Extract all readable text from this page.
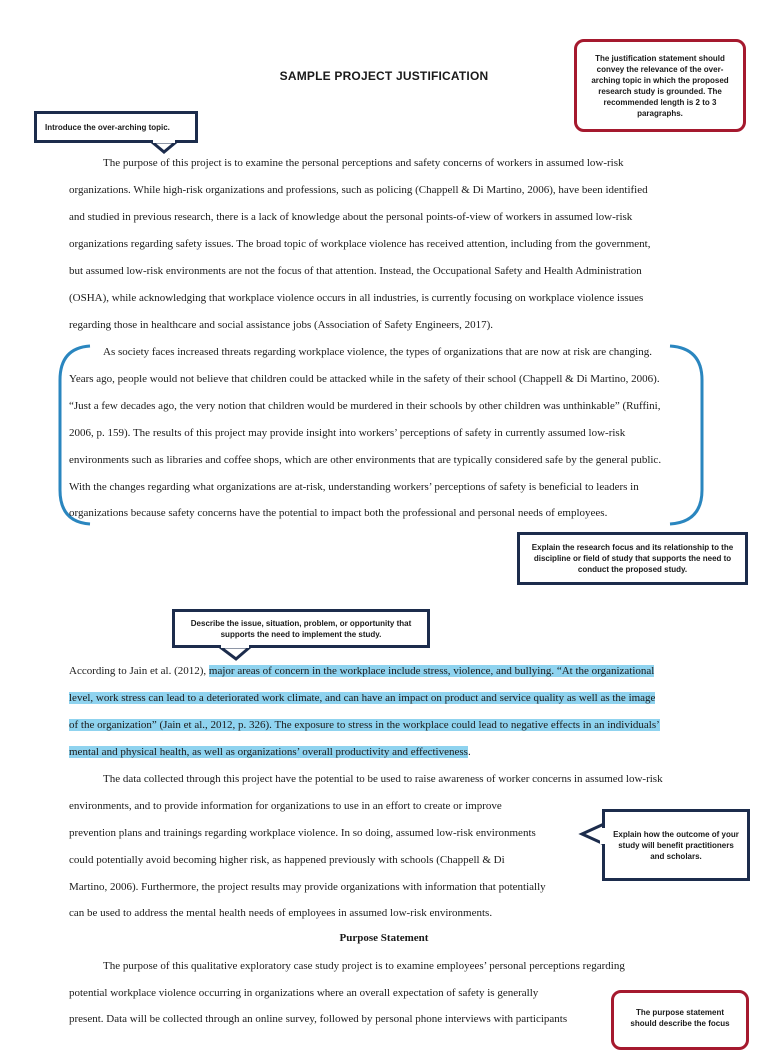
SAMPLE PROJECT JUSTIFICATION
The justification statement should convey the relevance of the over-arching topic in which the proposed research study is grounded. The recommended length is 2 to 3 paragraphs.
Introduce the over-arching topic.
The purpose of this project is to examine the personal perceptions and safety concerns of workers in assumed low-risk
organizations. While high-risk organizations and professions, such as policing (Chappell & Di Martino, 2006), have been identified
and studied in previous research, there is a lack of knowledge about the personal points-of-view of workers in assumed low-risk
organizations regarding safety issues. The broad topic of workplace violence has received attention, including from the government,
but assumed low-risk environments are not the focus of that attention. Instead, the Occupational Safety and Health Administration
(OSHA), while acknowledging that workplace violence occurs in all industries, is currently focusing on workplace violence issues
regarding those in healthcare and social assistance jobs (Association of Safety Engineers, 2017).
As society faces increased threats regarding workplace violence, the types of organizations that are now at risk are changing.
Years ago, people would not believe that children could be attacked while in the safety of their school (Chappell & Di Martino, 2006).
“Just a few decades ago, the very notion that children would be murdered in their schools by other children was unthinkable” (Ruffini,
2006, p. 159). The results of this project may provide insight into workers’ perceptions of safety in currently assumed low-risk
environments such as libraries and coffee shops, which are other environments that are typically considered safe by the general public.
With the changes regarding what organizations are at-risk, understanding workers’ perceptions of safety is beneficial to leaders in
organizations because safety concerns have the potential to impact both the professional and personal needs of employees.
Explain the research focus and its relationship to the discipline or field of study that supports the need to conduct the proposed study.
Describe the issue, situation, problem, or opportunity that supports the need to implement the study.
According to Jain et al. (2012), major areas of concern in the workplace include stress, violence, and bullying. “At the organizational
level, work stress can lead to a deteriorated work climate, and can have an impact on product and service quality as well as the image
of the organization” (Jain et al., 2012, p. 326). The exposure to stress in the workplace could lead to negative effects in an individuals’
mental and physical health, as well as organizations’ overall productivity and effectiveness.
The data collected through this project have the potential to be used to raise awareness of worker concerns in assumed low-risk
environments, and to provide information for organizations to use in an effort to create or improve
prevention plans and trainings regarding workplace violence. In so doing, assumed low-risk environments
could potentially avoid becoming higher risk, as happened previously with schools (Chappell & Di
Martino, 2006). Furthermore, the project results may provide organizations with information that potentially
can be used to address the mental health needs of employees in assumed low-risk environments.
Explain how the outcome of your study will benefit practitioners and scholars.
Purpose Statement
The purpose of this qualitative exploratory case study project is to examine employees’ personal perceptions regarding
potential workplace violence occurring in organizations where an overall expectation of safety is generally
present. Data will be collected through an online survey, followed by personal phone interviews with participants
The purpose statement should describe the focus
